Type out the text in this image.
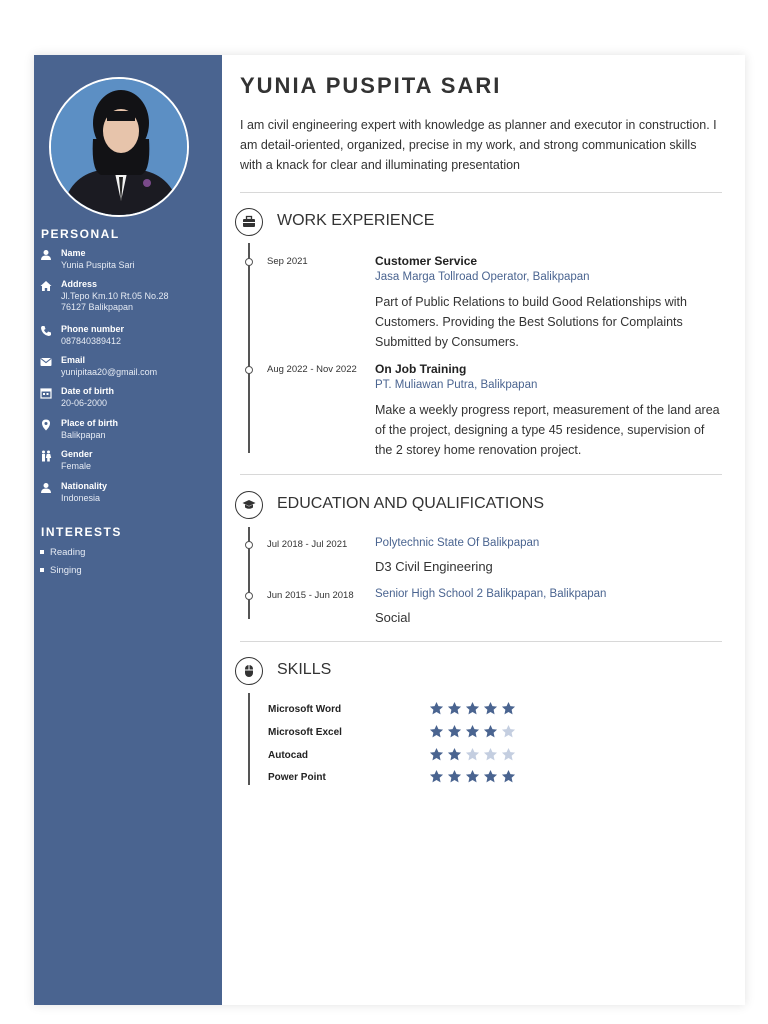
PERSONAL
Name
Yunia Puspita Sari
Address
Jl.Tepo Km.10 Rt.05 No.28
76127 Balikpapan
Phone number
087840389412
Email
yunipitaa20@gmail.com
Date of birth
20-06-2000
Place of birth
Balikpapan
Gender
Female
Nationality
Indonesia
INTERESTS
Reading
Singing
YUNIA PUSPITA SARI
I am civil engineering expert with knowledge as planner and executor in construction. I am detail-oriented, organized, precise in my work, and strong communication skills with a knack for clear and illuminating presentation
WORK EXPERIENCE
Sep 2021	Customer Service
Jasa Marga Tollroad Operator, Balikpapan
Part of Public Relations to build Good Relationships with Customers. Providing the Best Solutions for Complaints Submitted by Consumers.
Aug 2022 - Nov 2022 On Job Training
PT. Muliawan Putra, Balikpapan
Make a weekly progress report, measurement of the land area of the project, designing a type 45 residence, supervision of the 2 storey home renovation project.
EDUCATION AND QUALIFICATIONS
Jul 2018 - Jul 2021 Polytechnic State Of Balikpapan
D3 Civil Engineering
Jun 2015 - Jun 2018 Senior High School 2 Balikpapan, Balikpapan
Social
SKILLS
Microsoft Word
Microsoft Excel
Autocad
Power Point
